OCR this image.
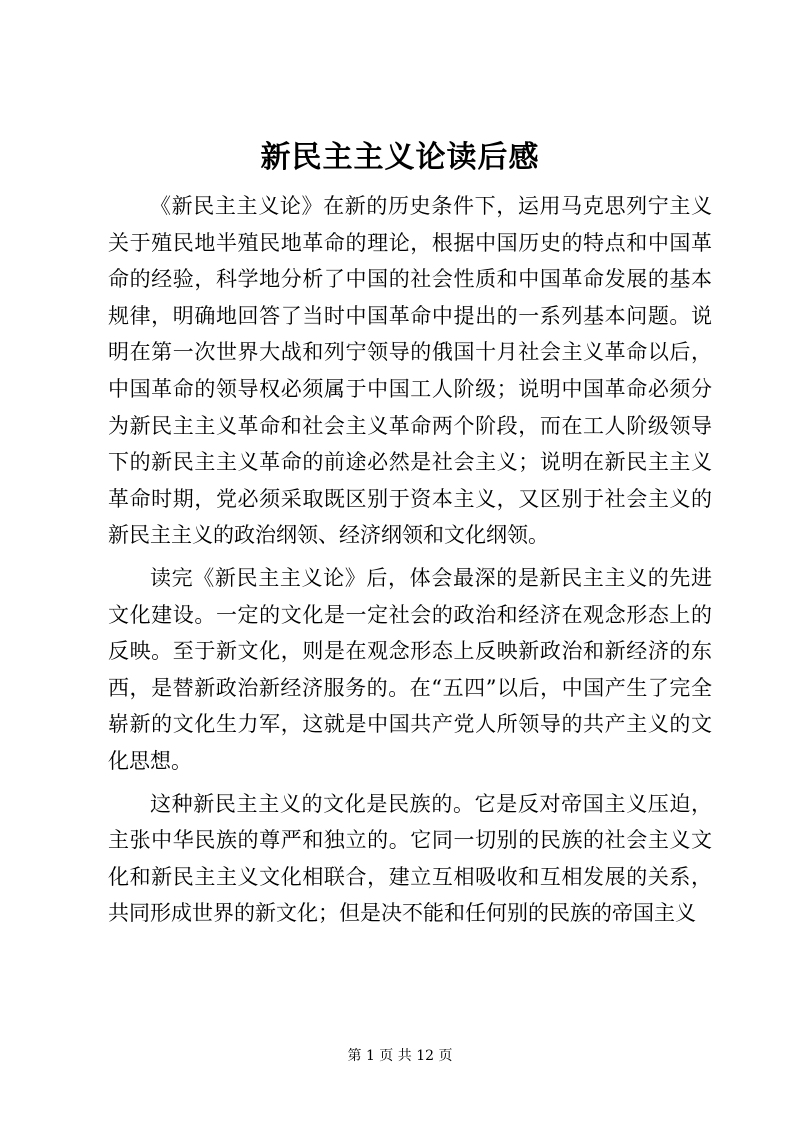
新民主主义论读后感

《新民主主义论》在新的历史条件下，运用马克思列宁主义关于殖民地半殖民地革命的理论，根据中国历史的特点和中国革命的经验，科学地分析了中国的社会性质和中国革命发展的基本规律，明确地回答了当时中国革命中提出的一系列基本问题。说明在第一次世界大战和列宁领导的俄国十月社会主义革命以后，中国革命的领导权必须属于中国工人阶级；说明中国革命必须分为新民主主义革命和社会主义革命两个阶段，而在工人阶级领导下的新民主主义革命的前途必然是社会主义；说明在新民主主义革命时期，党必须采取既区别于资本主义，又区别于社会主义的新民主主义的政治纲领、经济纲领和文化纲领。

读完《新民主主义论》后，体会最深的是新民主主义的先进文化建设。一定的文化是一定社会的政治和经济在观念形态上的反映。至于新文化，则是在观念形态上反映新政治和新经济的东西，是替新政治新经济服务的。在“五四”以后，中国产生了完全崭新的文化生力军，这就是中国共产党人所领导的共产主义的文化思想。

这种新民主主义的文化是民族的。它是反对帝国主义压迫，主张中华民族的尊严和独立的。它同一切别的民族的社会主义文化和新民主主义文化相联合，建立互相吸收和互相发展的关系，共同形成世界的新文化；但是决不能和任何别的民族的帝国主义

第 1 页 共 12 页
